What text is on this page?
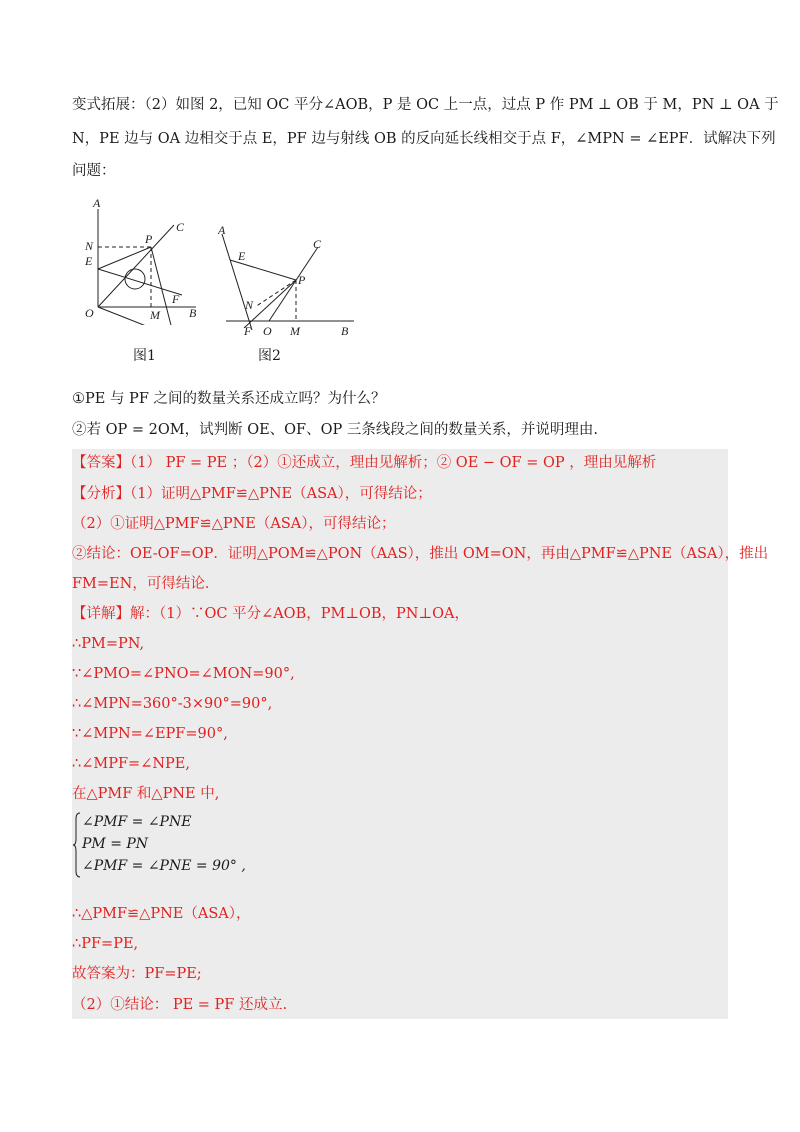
变式拓展：（2）如图 2，已知 OC 平分∠AOB，P 是 OC 上一点，过点 P 作 PM ⊥ OB 于 M，PN ⊥ OA 于
N，PE 边与 OA 边相交于点 E，PF 边与射线 OB 的反向延长线相交于点 F，∠MPN = ∠EPF．试解决下列
问题：
A
C
N	P
E
O
F
M B
图1
A
C
E
P
N
F O M	B
图2
①PE 与 PF 之间的数量关系还成立吗？为什么？
②若 OP = 2OM，试判断 OE、OF、OP 三条线段之间的数量关系，并说明理由.
【答案】（1） PF = PE ；（2）①还成立，理由见解析；② OE − OF = OP ，理由见解析
【分析】（1）证明△PMF≌△PNE（ASA），可得结论；
（2）①证明△PMF≌△PNE（ASA），可得结论；
②结论：OE-OF=OP．证明△POM≌△PON（AAS），推出 OM=ON，再由△PMF≌△PNE（ASA），推出
FM=EN，可得结论．
【详解】解：（1）∵OC 平分∠AOB，PM⊥OB，PN⊥OA，
∴PM=PN,
∵∠PMO=∠PNO=∠MON=90°,
∴∠MPN=360°-3×90°=90°,
∵∠MPN=∠EPF=90°,
∴∠MPF=∠NPE,
在△PMF 和△PNE 中,
∠PMF = ∠PNE
PM = PN
∠PMF = ∠PNE = 90° ,
∴△PMF≌△PNE（ASA），
∴PF=PE,
故答案为：PF=PE;
（2）①结论： PE = PF 还成立.
